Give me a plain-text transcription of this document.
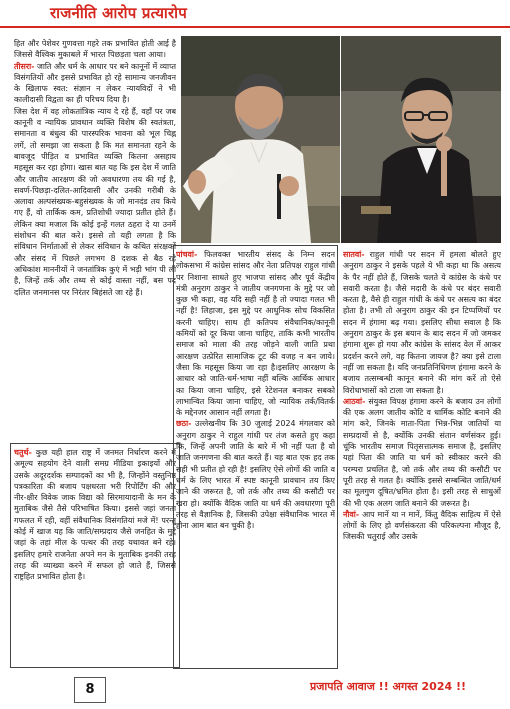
राजनीति आरोप प्रत्यारोप

हित और पेशेवर गुणवत्ता गहरे तक प्रभावित होती आई है जिससे वैश्विक मुकाबले में भारत पिछड़ता चला आया।

तीसरा- जाति और धर्म के आधार पर बने कानूनों में व्याप्त विसंगतियों और इससे प्रभावित हो रहे सामान्य जनजीवन के खिलाफ स्वत: संज्ञान न लेकर न्यायविदों ने भी कालीदासी विद्वता का ही परिचय दिया है।

जिस देश में वह लोकतांत्रिक न्याय दे रहे हैं, वहाँ पर जब कानूनी व न्यायिक प्रावधान व्यक्ति विशेष की स्वतंत्रता, समानता व बंधुत्व की पारस्परिक भावना को भूल चिह्न लगें, तो समझा जा सकता है कि मत समानता रहने के बावजूद पीड़ित व प्रभावित व्यक्ति कितना असहाय महसूस कर रहा होगा। खास बात यह कि इस देश में जाति और जातीय आरक्षण की जो अवधारणा तय की गई है, सवर्ण-पिछड़ा-दलित-आदिवासी और उनकी गरीबी के अलावा अल्पसंख्यक-बहुसंख्यक के जो मानदंड तय किये गए हैं, वो तार्किक कम, प्रतिशोधी ज्यादा प्रतीत होते हैं। लेकिन क्या मजाल कि कोई इन्हें गलत ठहरा दे या उनमें संशोधन की बात करे। इससे तो यही लगता है कि संविधान निर्माताओं से लेकर संविधान के कथित संरक्षकों और संसद में पिछले लगभग 8 दशक से बैठ रहे अधिकांश माननीयों ने जनतांत्रिक कुएं में भड़ी भांग पी ली है, जिन्हें तर्क और तथ्य से कोई वास्ता नहीं, बस पद दलित जनमानस पर निरंतर बिहंसते जा रहे हैं।

चतुर्थ- कुछ यही हाल राष्ट्र में जनमत निर्धारण करने में अमूल्य सहयोग देने वाली समग्र मीडिया इकाइयों और उसके अदूरदर्शक सम्पादकों का भी है, जिन्होंने वस्तुनिष्ठ पत्रकारिता की बजाय पक्षधरता भरी रिपोर्टिंग की और नीर-क्षीर विवेक जाक विद्या को सिरमायादानी के मन के मुताबिक जैसे तैसे परिभाषित किया। इससे जहां जनता गफलत में रही, वहीं संवैधानिक विसंगतियां मजे में! परन्तु कोई में खाज यह कि जाति/सम्प्रदाय जैसे जनहित के मुद्दे जहां के तहां मील के पत्थर की तरह यथावत बने रहे। इसलिए हमारे राजनेता अपने मन के मुताबिक इनकी तरह तरह की व्याख्या करने में सफल हो जाते हैं, जिससे राष्ट्रहित प्रभावित होता है।

पांचवां- फिलवक्त भारतीय संसद के निम्न सदन लोकसभा में कांग्रेस सांसद और नेता प्रतिपक्ष राहुल गांधी पर निशाना साधते हुए भाजपा सांसद और पूर्व केंद्रीय मंत्री अनुराग ठाकुर ने जातीय जनगणना के मुद्दे पर जो कुछ भी कहा, वह यदि सही नहीं है तो ज्यादा गलत भी नहीं है! लिहाजा, इस मुद्दे पर आधुनिक सोच विकसित करनी चाहिए। साथ ही कतिपय संवैधानिक/कानूनी कमियों को दूर किया जाना चाहिए, ताकि कभी भारतीय समाज को माला की तरह जोड़ने वाली जाति प्रथा आरक्षण उत्प्रेरित सामाजिक टूट की वजह न बन जाये। जैसा कि महसूस किया जा रहा है।इसलिए आरक्षण के आधार को जाति-धर्म-भाषा नहीं बल्कि आर्थिक आधार का किया जाना चाहिए, इसे रेटेशनल बनाकर सबको लाभान्वित किया जाना चाहिए, जो न्यायिक तर्क/वितर्क के मद्देनजर आसान नहीं लगता है।

छठा- उल्लेखनीय कि 30 जुलाई 2024 मंगलवार को अनुराग ठाकुर ने राहुल गांधी पर तंज कसते हुए कहा कि, जिन्हें अपनी जाति के बारे में भी नहीं पता है वो जाति जनगणना की बात करते हैं। यह बात एक हद तक सही भी प्रतीत हो रही है! इसलिए ऐसे लोगों की जाति व धर्म के लिए भारत में स्पष्ट कानूनी प्रावधान तय किए जाने की जरूरत है, जो तर्क और तथ्य की कसौटी पर खरा हो। क्योंकि वैदिक जाति या धर्म की अवधारणा पूरी तरह से वैज्ञानिक है, जिसकी उपेक्षा संवैधानिक भारत में होना आम बात बन चुकी है।

सातवां- राहुल गांधी पर सदन में हमला बोलते हुए अनुराग ठाकुर ने इसके पहले ये भी कहा था कि असत्य के पैर नहीं होते हैं, जिसके चलते ये कांग्रेस के कंधे पर सवारी करता है। जैसे मदारी के कंधे पर बंदर सवारी करता है, वैसे ही राहुल गांधी के कंधे पर असत्य का बंदर होता है। तभी तो अनुराग ठाकुर की इन टिप्पणियों पर सदन में हंगामा बढ़ गया। इसलिए सीधा सवाल है कि अनुराग ठाकुर के इस बयान के बाद सदन में जो जमकर हंगामा शुरू हो गया और कांग्रेस के सांसद वेल में आकर प्रदर्शन करने लगे, वह कितना जायज है? क्या इसे टाला नहीं जा सकता है। यदि जनप्रतिनिधिगण हंगामा करने के बजाय तत्सम्बन्धी कानून बनाने की मांग करें तो ऐसे विरोधाभासों को टाला जा सकता है।

आठवां- संयुक्त विपक्ष हंगामा करने के बजाय उन लोगों की एक अलग जातीय कोटि व धार्मिक कोटि बनाने की मांग करे, जिनके माता-पिता भिन्न-भिन्न जातियों या सम्प्रदायों से है, क्योंकि उनकी संतान वर्णसंकर हुई। चूंकि भारतीय समाज पितृसत्तात्मक समाज है, इसलिए यहां पिता की जाति या धर्म को स्वीकार करने की परम्परा प्रचलित है, जो तर्क और तथ्य की कसौटी पर पूरी तरह से गलत है। क्योंकि इससे सम्बन्धित जाति/धर्म का मूलगुण दूषित/भ्रमित होता है। इसी तरह से साधुओं की भी एक अलग जाति बनाने की जरूरत है।

नौवां- आप मानें या न मानें, किंतु वैदिक साहित्य में ऐसे लोगों के लिए हो वर्णसंकरता की परिकल्पना मौजूद है, जिसकी चतुराई और उसके

8	प्रजापति आवाज !! अगस्त 2024 !!
